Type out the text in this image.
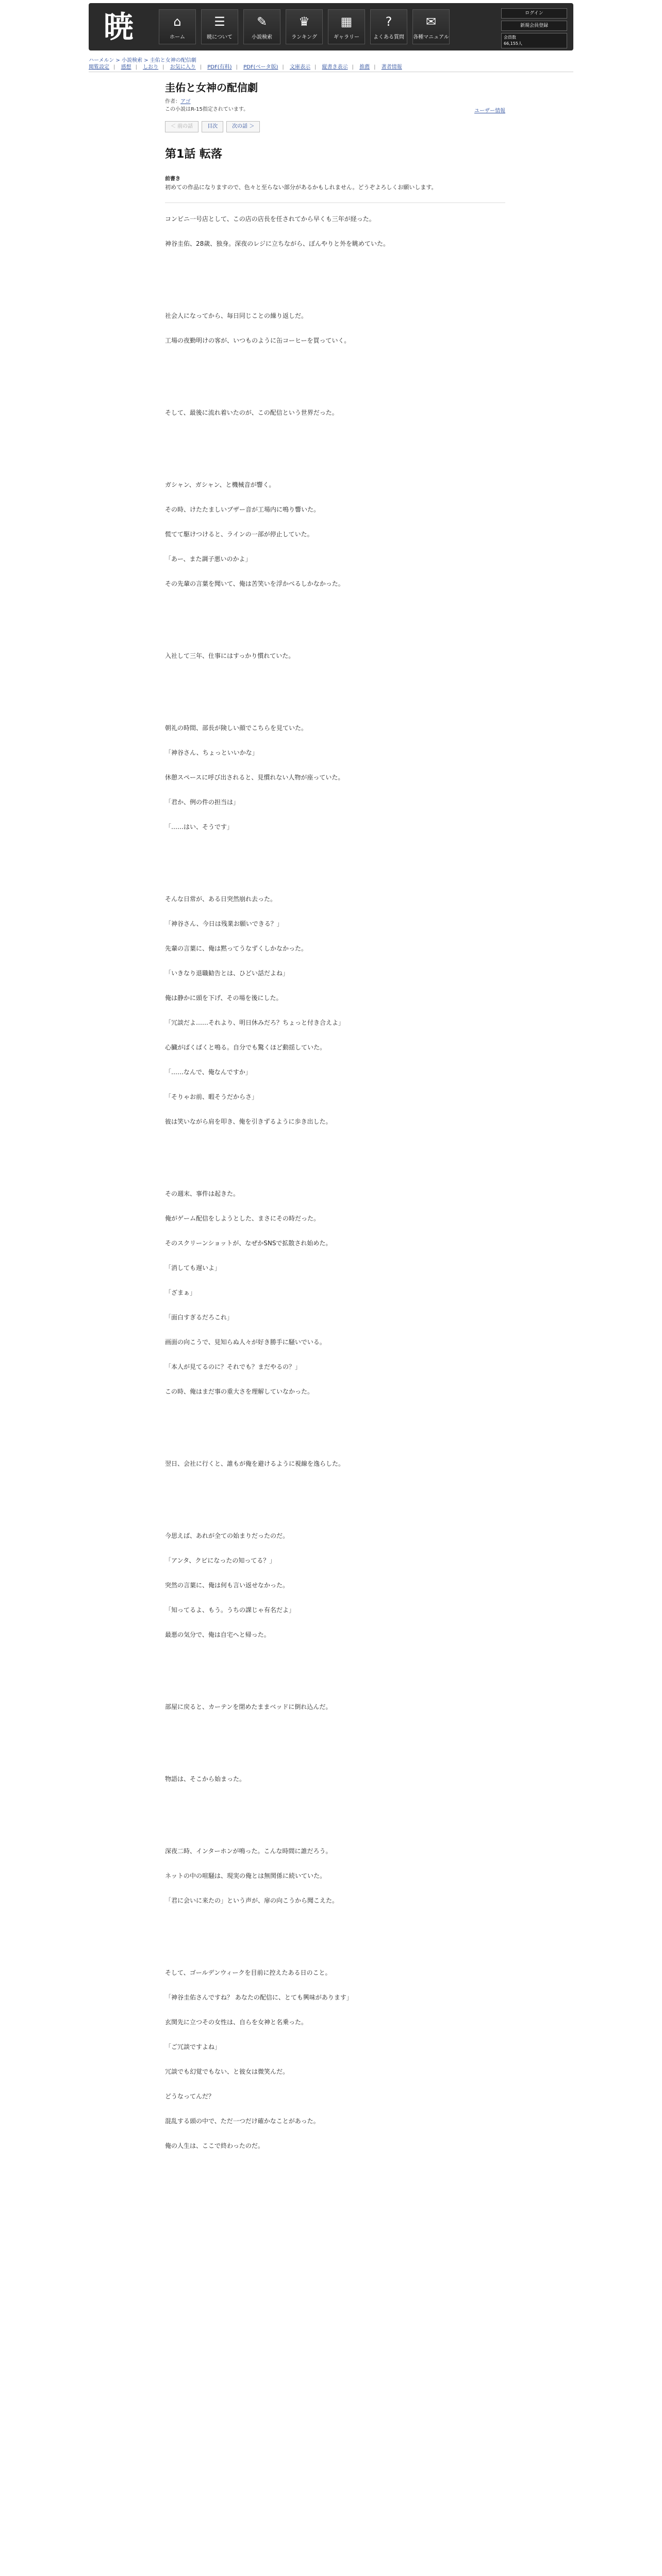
暁	⌂
ホーム
☰
暁について
✎
小説検索
♛
ランキング
▦
ギャラリー
?
よくある質問
✉
各種マニュアル
ログイン
新規会員登録
会員数
66,155人
ハーメルン > 小説検索 > 圭佑と女神の配信劇
閲覧設定 | 感想 | しおり | お気に入り | PDF(有料) | PDF(ベータ版) | 文庫表示 | 縦書き表示 | 推薦 | 著者情報
圭佑と女神の配信劇
作者：アゴ
この小説はR-15指定されています。	ユーザー情報
＜ 前の話	目次	次の話 ＞
第1話 転落
前書き
初めての作品になりますので、色々と至らない部分があるかもしれません。どうぞよろしくお願いします。

コンビニ一号店として、この店の店長を任されてから早くも三年が経った。

神谷圭佑、28歳、独身。深夜のレジに立ちながら、ぼんやりと外を眺めていた。

社会人になってから、毎日同じことの繰り返しだ。

工場の夜勤明けの客が、いつものように缶コーヒーを買っていく。

そして、最後に流れ着いたのが、この配信という世界だった。

ガシャン、ガシャン、と機械音が響く。

その時、けたたましいブザー音が工場内に鳴り響いた。

慌てて駆けつけると、ラインの一部が停止していた。

「あー、また調子悪いのかよ」

その先輩の言葉を聞いて、俺は苦笑いを浮かべるしかなかった。

入社して三年、仕事にはすっかり慣れていた。

朝礼の時間、部長が険しい顔でこちらを見ていた。

「神谷さん、ちょっといいかな」

休憩スペースに呼び出されると、見慣れない人物が座っていた。

「君か、例の件の担当は」

「……はい、そうです」

そんな日常が、ある日突然崩れ去った。

「神谷さん、今日は残業お願いできる？」

先輩の言葉に、俺は黙ってうなずくしかなかった。

「いきなり退職勧告とは、ひどい話だよね」

俺は静かに頭を下げ、その場を後にした。

「冗談だよ……それより、明日休みだろ？ちょっと付き合えよ」

心臓がばくばくと鳴る。自分でも驚くほど動揺していた。

「……なんで、俺なんですか」

「そりゃお前、暇そうだからさ」

彼は笑いながら肩を叩き、俺を引きずるように歩き出した。

その週末、事件は起きた。

俺がゲーム配信をしようとした、まさにその時だった。

そのスクリーンショットが、なぜかSNSで拡散され始めた。

「消しても遅いよ」

「ざまぁ」

「面白すぎるだろこれ」

画面の向こうで、見知らぬ人々が好き勝手に騒いでいる。

「本人が見てるのに？それでも？まだやるの？」

この時、俺はまだ事の重大さを理解していなかった。

翌日、会社に行くと、誰もが俺を避けるように視線を逸らした。

今思えば、あれが全ての始まりだったのだ。

「アンタ、クビになったの知ってる？」

突然の言葉に、俺は何も言い返せなかった。

「知ってるよ、もう。うちの課じゃ有名だよ」

最悪の気分で、俺は自宅へと帰った。

部屋に戻ると、カーテンを閉めたままベッドに倒れ込んだ。

物語は、そこから始まった。

深夜二時、インターホンが鳴った。こんな時間に誰だろう。

ネットの中の喧騒は、現実の俺とは無関係に続いていた。

「君に会いに来たの」という声が、扉の向こうから聞こえた。

そして、ゴールデンウィークを目前に控えたある日のこと。

「神谷圭佑さんですね？ あなたの配信に、とても興味があります」

玄関先に立つその女性は、自らを女神と名乗った。

「ご冗談ですよね」

冗談でも幻覚でもない、と彼女は微笑んだ。

どうなってんだ？

混乱する頭の中で、ただ一つだけ確かなことがあった。

俺の人生は、ここで終わったのだ。
